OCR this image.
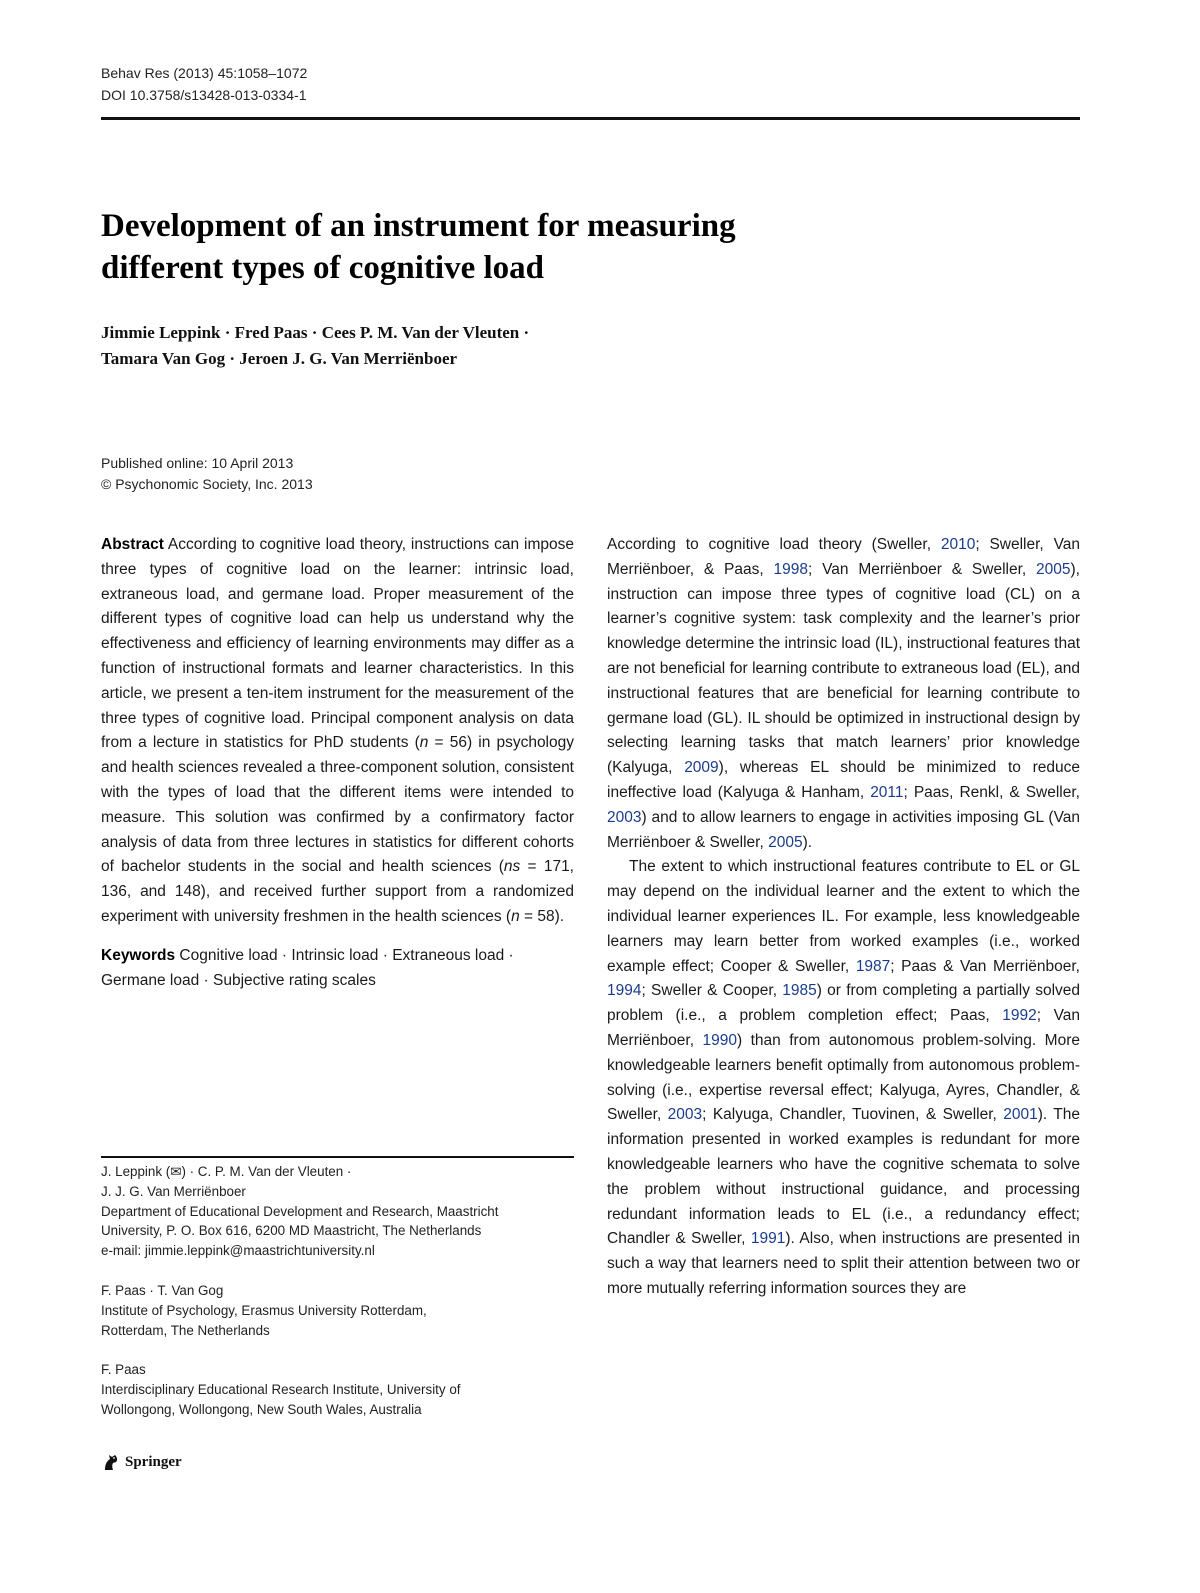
Behav Res (2013) 45:1058–1072
DOI 10.3758/s13428-013-0334-1
Development of an instrument for measuring
different types of cognitive load
Jimmie Leppink · Fred Paas · Cees P. M. Van der Vleuten ·
Tamara Van Gog · Jeroen J. G. Van Merriënboer
Published online: 10 April 2013
© Psychonomic Society, Inc. 2013

Abstract According to cognitive load theory, instructions can impose three types of cognitive load on the learner: intrinsic load, extraneous load, and germane load. Proper measurement of the different types of cognitive load can help us understand why the effectiveness and efficiency of learning environments may differ as a function of instructional formats and learner characteristics. In this article, we present a ten-item instrument for the measurement of the three types of cognitive load. Principal component analysis on data from a lecture in statistics for PhD students (n = 56) in psychology and health sciences revealed a three-component solution, consistent with the types of load that the different items were intended to measure. This solution was confirmed by a confirmatory factor analysis of data from three lectures in statistics for different cohorts of bachelor students in the social and health sciences (ns = 171, 136, and 148), and received further support from a randomized experiment with university freshmen in the health sciences (n = 58).

Keywords Cognitive load · Intrinsic load · Extraneous load · Germane load · Subjective rating scales

J. Leppink (✉) · C. P. M. Van der Vleuten ·
J. J. G. Van Merriënboer
Department of Educational Development and Research, Maastricht
University, P. O. Box 616, 6200 MD Maastricht, The Netherlands
e-mail: jimmie.leppink@maastrichtuniversity.nl
F. Paas · T. Van Gog
Institute of Psychology, Erasmus University Rotterdam,
Rotterdam, The Netherlands
F. Paas
Interdisciplinary Educational Research Institute, University of
Wollongong, Wollongong, New South Wales, Australia

According to cognitive load theory (Sweller, 2010; Sweller, Van Merriënboer, & Paas, 1998; Van Merriënboer & Sweller, 2005), instruction can impose three types of cognitive load (CL) on a learner’s cognitive system: task complexity and the learner’s prior knowledge determine the intrinsic load (IL), instructional features that are not beneficial for learning contribute to extraneous load (EL), and instructional features that are beneficial for learning contribute to germane load (GL). IL should be optimized in instructional design by selecting learning tasks that match learners’ prior knowledge (Kalyuga, 2009), whereas EL should be minimized to reduce ineffective load (Kalyuga & Hanham, 2011; Paas, Renkl, & Sweller, 2003) and to allow learners to engage in activities imposing GL (Van Merriënboer & Sweller, 2005).

The extent to which instructional features contribute to EL or GL may depend on the individual learner and the extent to which the individual learner experiences IL. For example, less knowledgeable learners may learn better from worked examples (i.e., worked example effect; Cooper & Sweller, 1987; Paas & Van Merriënboer, 1994; Sweller & Cooper, 1985) or from completing a partially solved problem (i.e., a problem completion effect; Paas, 1992; Van Merriënboer, 1990) than from autonomous problem-solving. More knowledgeable learners benefit optimally from autonomous problem-solving (i.e., expertise reversal effect; Kalyuga, Ayres, Chandler, & Sweller, 2003; Kalyuga, Chandler, Tuovinen, & Sweller, 2001). The information presented in worked examples is redundant for more knowledgeable learners who have the cognitive schemata to solve the problem without instructional guidance, and processing redundant information leads to EL (i.e., a redundancy effect; Chandler & Sweller, 1991). Also, when instructions are presented in such a way that learners need to split their attention between two or more mutually referring information sources they are

Springer
